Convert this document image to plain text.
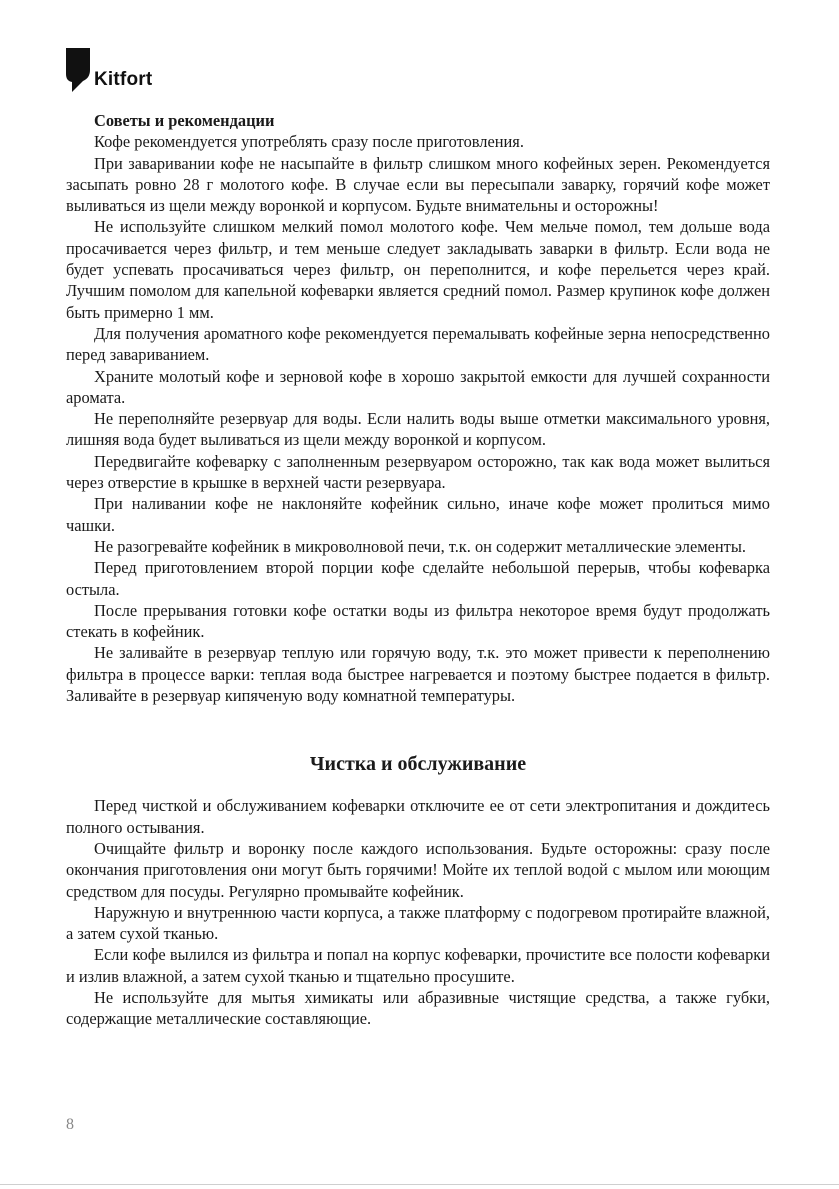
Kitfort

Советы и рекомендации

Кофе рекомендуется употреблять сразу после приготовления.

При заваривании кофе не насыпайте в фильтр слишком много кофейных зерен. Рекомендуется засыпать ровно 28 г молотого кофе. В случае если вы пересыпали заварку, горячий кофе может выливаться из щели между воронкой и корпусом. Будьте внимательны и осторожны!

Не используйте слишком мелкий помол молотого кофе. Чем мельче помол, тем дольше вода просачивается через фильтр, и тем меньше следует закладывать заварки в фильтр. Если вода не будет успевать просачиваться через фильтр, он переполнится, и кофе перельется через край. Лучшим помолом для капельной кофеварки является средний помол. Размер крупинок кофе должен быть примерно 1 мм.

Для получения ароматного кофе рекомендуется перемалывать кофейные зерна непосредственно перед завариванием.

Храните молотый кофе и зерновой кофе в хорошо закрытой емкости для лучшей сохранности аромата.

Не переполняйте резервуар для воды. Если налить воды выше отметки максимального уровня, лишняя вода будет выливаться из щели между воронкой и корпусом.

Передвигайте кофеварку с заполненным резервуаром осторожно, так как вода может вылиться через отверстие в крышке в верхней части резервуара.

При наливании кофе не наклоняйте кофейник сильно, иначе кофе может пролиться мимо чашки.

Не разогревайте кофейник в микроволновой печи, т.к. он содержит металлические элементы.

Перед приготовлением второй порции кофе сделайте небольшой перерыв, чтобы кофеварка остыла.

После прерывания готовки кофе остатки воды из фильтра некоторое время будут продолжать стекать в кофейник.

Не заливайте в резервуар теплую или горячую воду, т.к. это может привести к переполнению фильтра в процессе варки: теплая вода быстрее нагревается и поэтому быстрее подается в фильтр. Заливайте в резервуар кипяченую воду комнатной температуры.

Чистка и обслуживание

Перед чисткой и обслуживанием кофеварки отключите ее от сети электропитания и дождитесь полного остывания.

Очищайте фильтр и воронку после каждого использования. Будьте осторожны: сразу после окончания приготовления они могут быть горячими! Мойте их теплой водой с мылом или моющим средством для посуды. Регулярно промывайте кофейник.

Наружную и внутреннюю части корпуса, а также платформу с подогревом протирайте влажной, а затем сухой тканью.

Если кофе вылился из фильтра и попал на корпус кофеварки, прочистите все полости кофеварки и излив влажной, а затем сухой тканью и тщательно просушите.

Не используйте для мытья химикаты или абразивные чистящие средства, а также губки, содержащие металлические составляющие.

8
